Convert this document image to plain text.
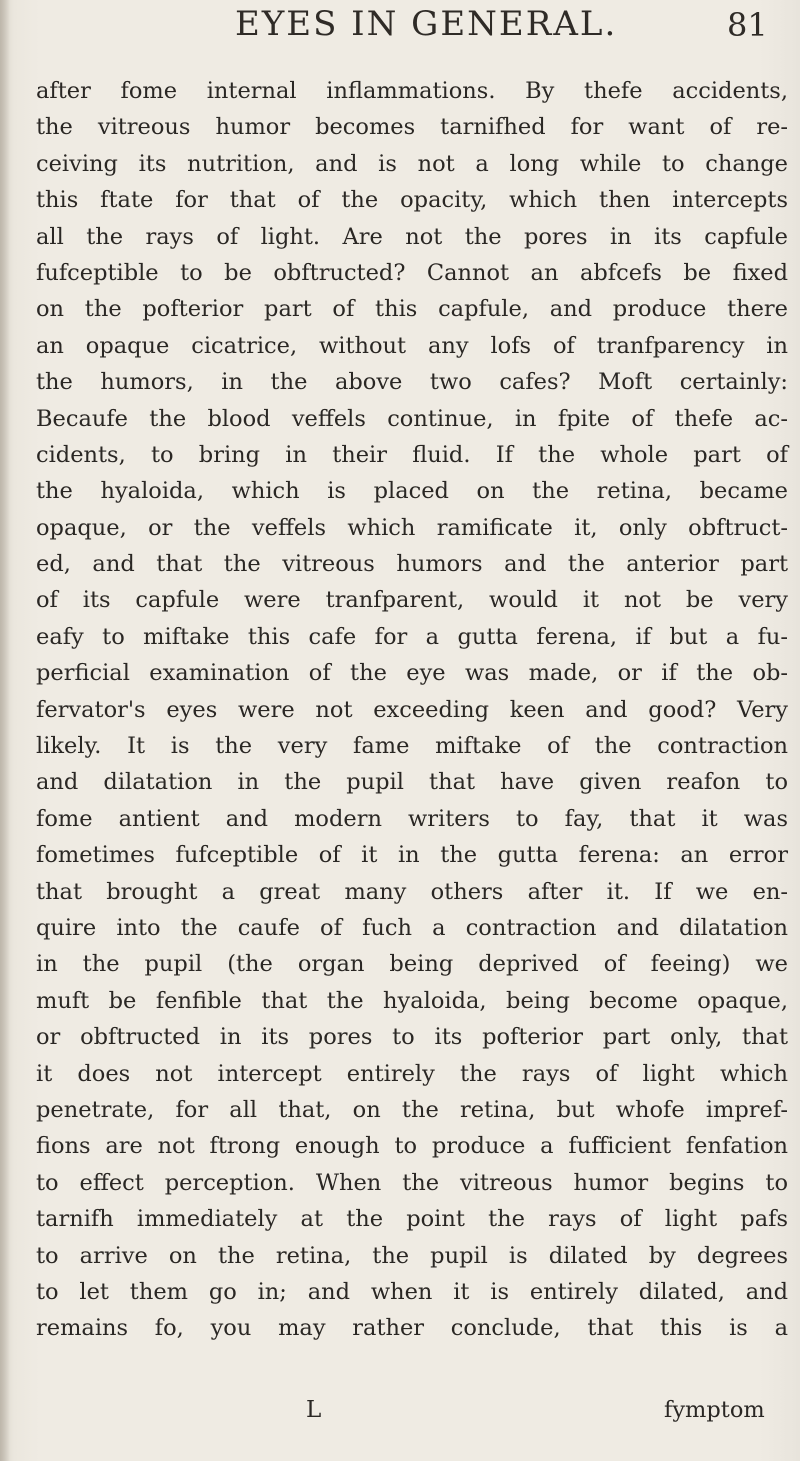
EYES IN GENERAL.	81
after fome internal inflammations. By thefe accidents,
the vitreous humor becomes tarnifhed for want of re-
ceiving its nutrition, and is not a long while to change
this ftate for that of the opacity, which then intercepts
all the rays of light. Are not the pores in its capfule
fufceptible to be obftructed? Cannot an abfcefs be fixed
on the pofterior part of this capfule, and produce there
an opaque cicatrice, without any lofs of tranfparency in
the humors, in the above two cafes? Moft certainly:
Becaufe the blood veffels continue, in fpite of thefe ac-
cidents, to bring in their fluid. If the whole part of
the hyaloida, which is placed on the retina, became
opaque, or the veffels which ramificate it, only obftruct-
ed, and that the vitreous humors and the anterior part
of its capfule were tranfparent, would it not be very
eafy to miftake this cafe for a gutta ferena, if but a fu-
perficial examination of the eye was made, or if the ob-
fervator's eyes were not exceeding keen and good? Very
likely. It is the very fame miftake of the contraction
and dilatation in the pupil that have given reafon to
fome antient and modern writers to fay, that it was
fometimes fufceptible of it in the gutta ferena: an error
that brought a great many others after it. If we en-
quire into the caufe of fuch a contraction and dilatation
in the pupil (the organ being deprived of feeing) we
muft be fenfible that the hyaloida, being become opaque,
or obftructed in its pores to its pofterior part only, that
it does not intercept entirely the rays of light which
penetrate, for all that, on the retina, but whofe impref-
fions are not ftrong enough to produce a fufficient fenfation
to effect perception. When the vitreous humor begins to
tarnifh immediately at the point the rays of light pafs
to arrive on the retina, the pupil is dilated by degrees
to let them go in; and when it is entirely dilated, and
remains fo, you may rather conclude, that this is a
L	fymptom
